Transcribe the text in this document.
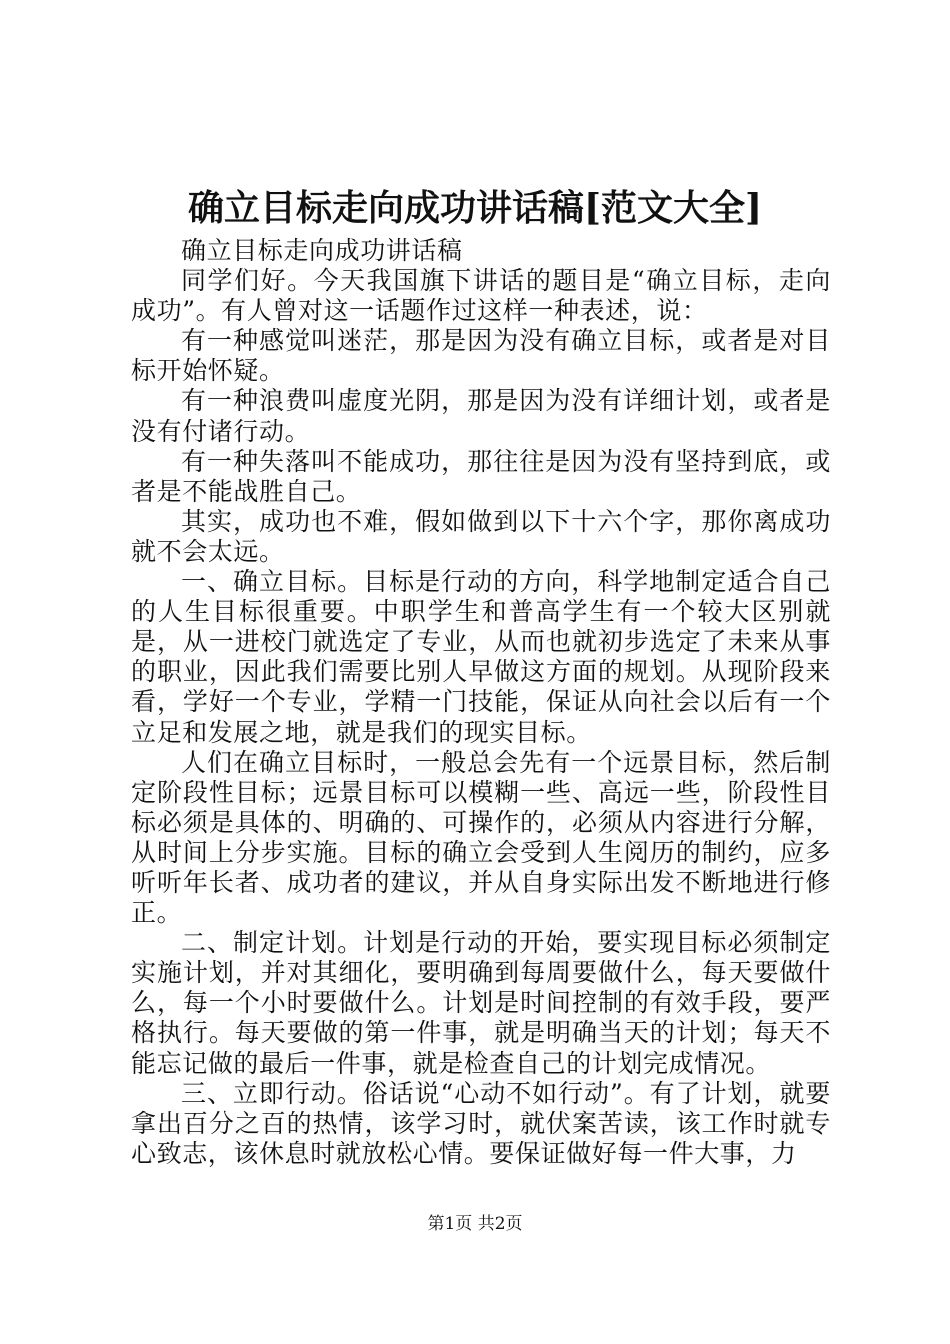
确立目标走向成功讲话稿[范文大全]

确立目标走向成功讲话稿

同学们好。今天我国旗下讲话的题目是“确立目标，走向成功”。有人曾对这一话题作过这样一种表述，说：

有一种感觉叫迷茫，那是因为没有确立目标，或者是对目标开始怀疑。

有一种浪费叫虚度光阴，那是因为没有详细计划，或者是没有付诸行动。

有一种失落叫不能成功，那往往是因为没有坚持到底，或者是不能战胜自己。

其实，成功也不难，假如做到以下十六个字，那你离成功就不会太远。

一、确立目标。目标是行动的方向，科学地制定适合自己的人生目标很重要。中职学生和普高学生有一个较大区别就是，从一进校门就选定了专业，从而也就初步选定了未来从事的职业，因此我们需要比别人早做这方面的规划。从现阶段来看，学好一个专业，学精一门技能，保证从向社会以后有一个立足和发展之地，就是我们的现实目标。

人们在确立目标时，一般总会先有一个远景目标，然后制定阶段性目标；远景目标可以模糊一些、高远一些，阶段性目标必须是具体的、明确的、可操作的，必须从内容进行分解，从时间上分步实施。目标的确立会受到人生阅历的制约，应多听听年长者、成功者的建议，并从自身实际出发不断地进行修正。

二、制定计划。计划是行动的开始，要实现目标必须制定实施计划，并对其细化，要明确到每周要做什么，每天要做什么，每一个小时要做什么。计划是时间控制的有效手段，要严格执行。每天要做的第一件事，就是明确当天的计划；每天不能忘记做的最后一件事，就是检查自己的计划完成情况。

三、立即行动。俗话说“心动不如行动”。有了计划，就要拿出百分之百的热情，该学习时，就伏案苦读，该工作时就专心致志，该休息时就放松心情。要保证做好每一件大事，力

第1页 共2页
